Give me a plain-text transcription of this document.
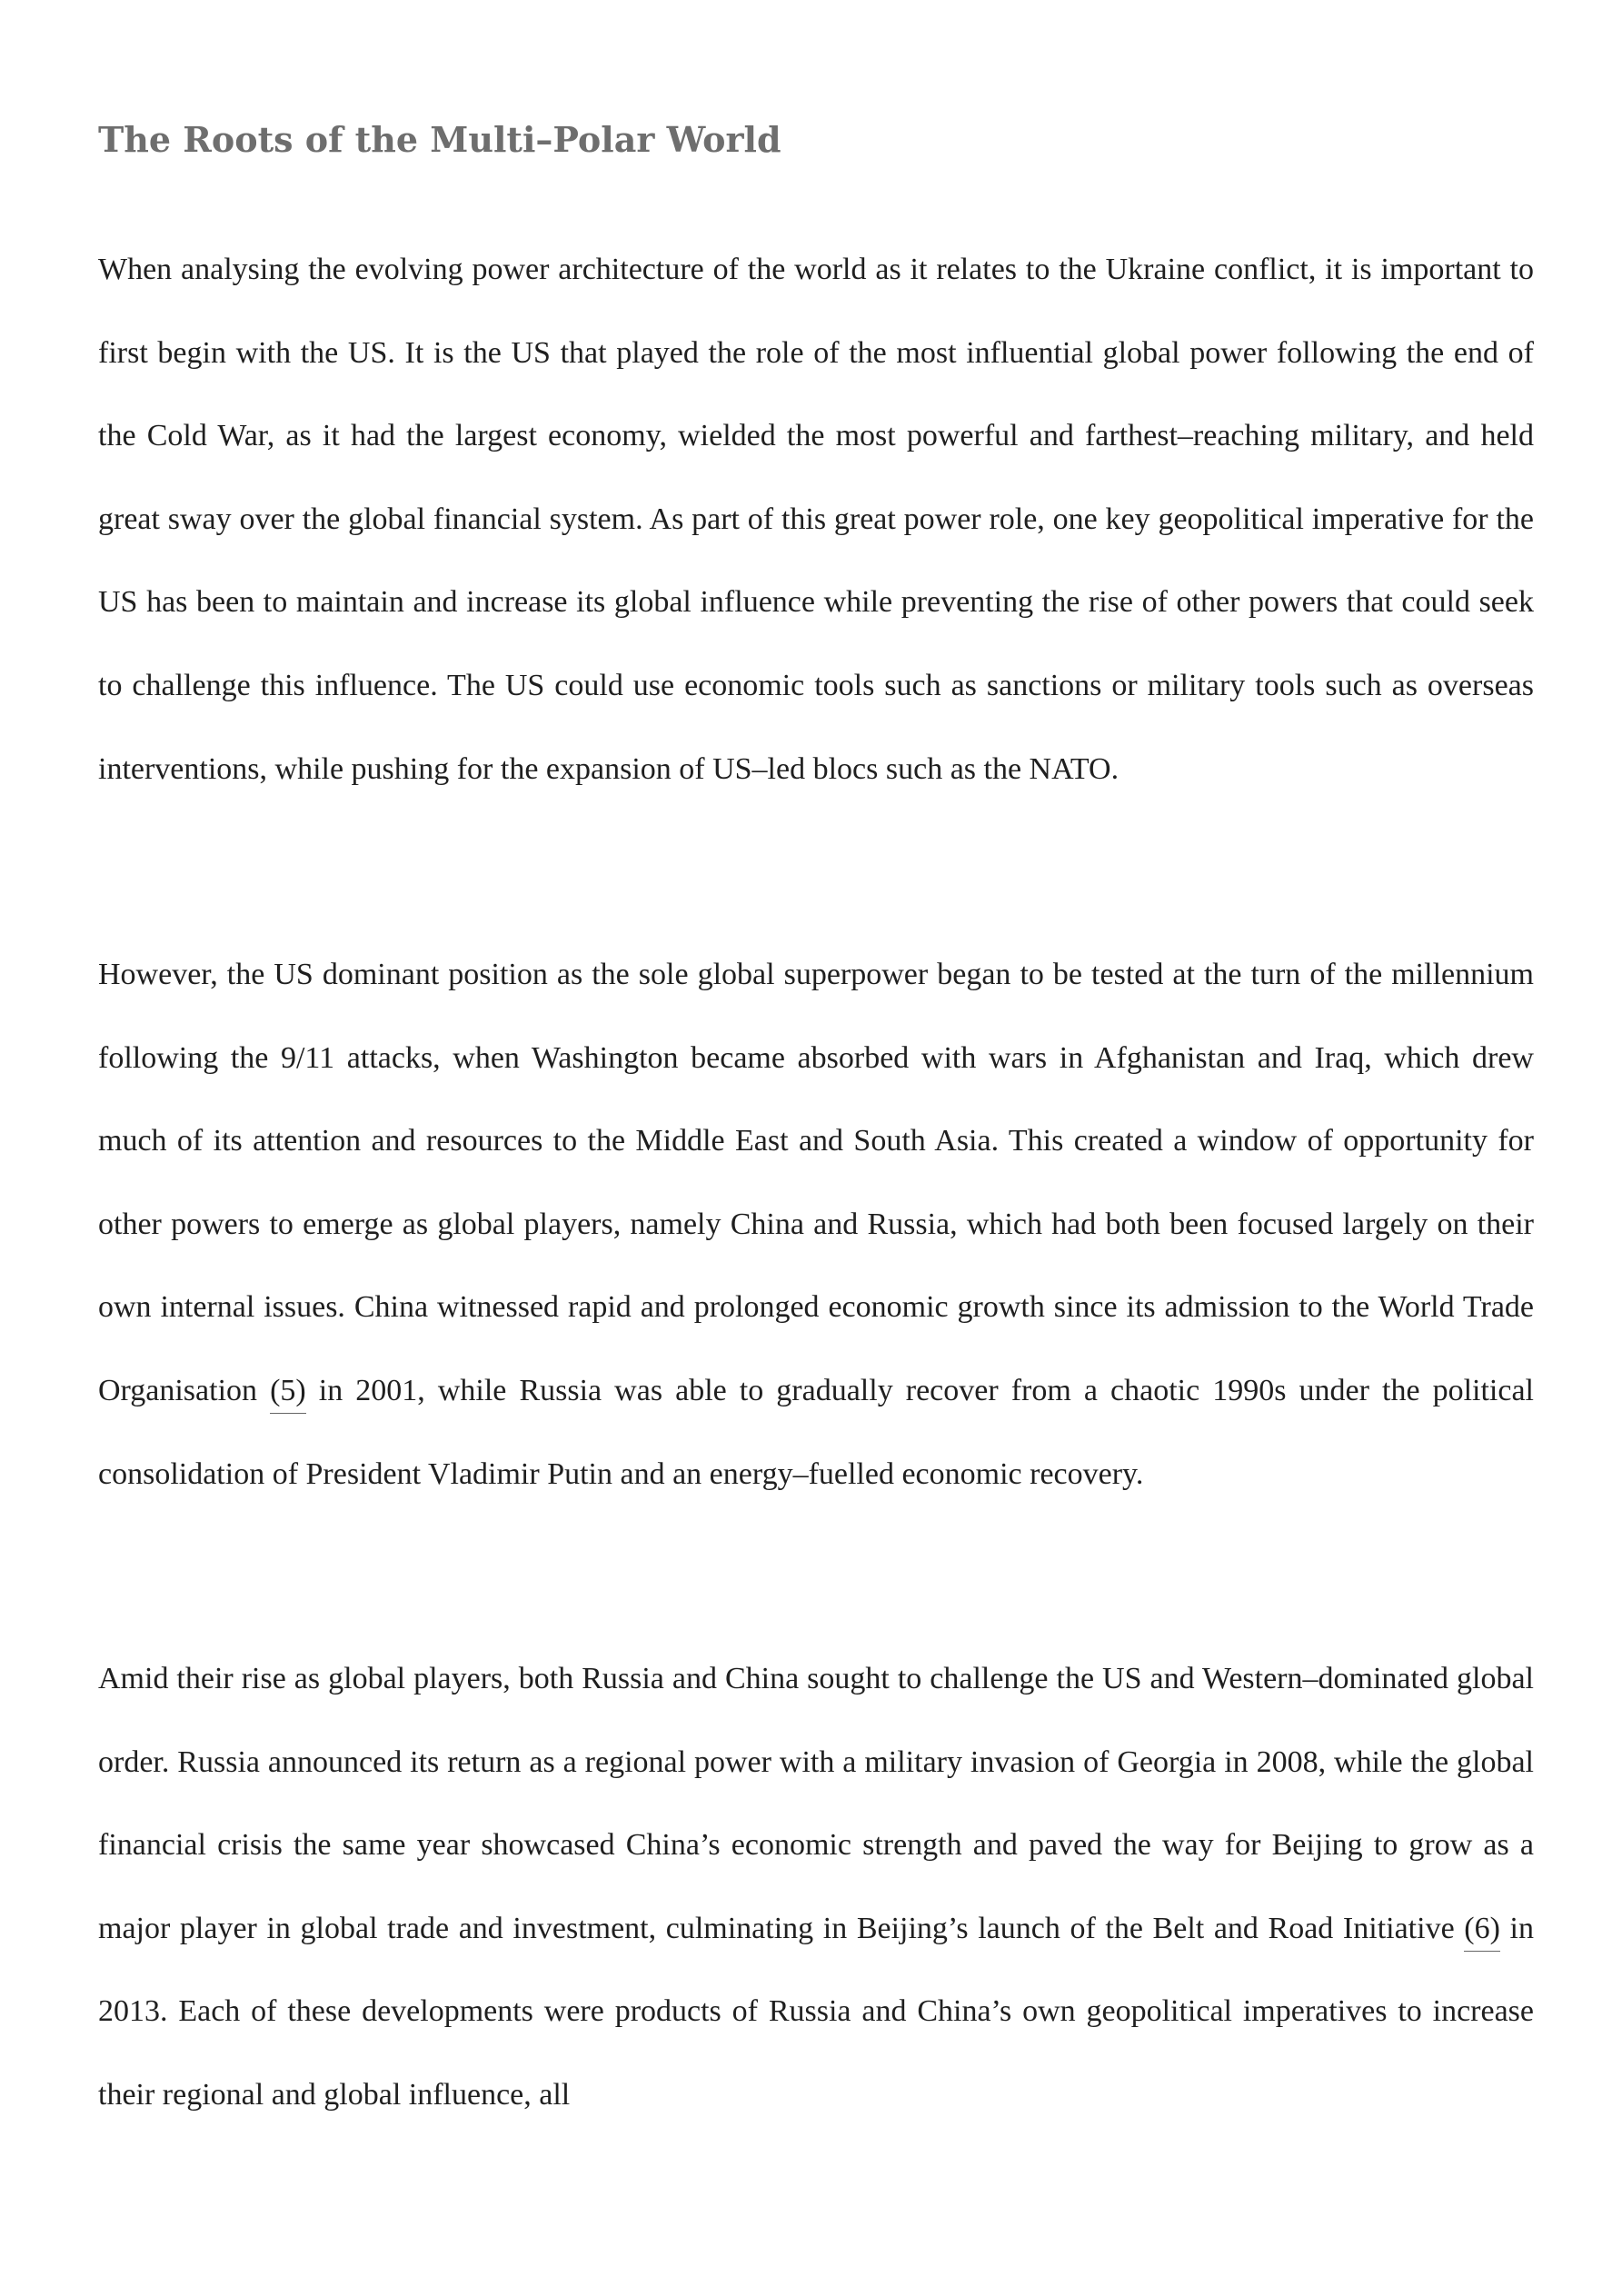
The Roots of the Multi–Polar World

When analysing the evolving power architecture of the world as it relates to the Ukraine conflict, it is important to first begin with the US. It is the US that played the role of the most influential global power following the end of the Cold War, as it had the largest economy, wielded the most powerful and farthest–reaching military, and held great sway over the global financial system. As part of this great power role, one key geopolitical imperative for the US has been to maintain and increase its global influence while preventing the rise of other powers that could seek to challenge this influence. The US could use economic tools such as sanctions or military tools such as overseas interventions, while pushing for the expansion of US–led blocs such as the NATO.

However, the US dominant position as the sole global superpower began to be tested at the turn of the millennium following the 9/11 attacks, when Washington became absorbed with wars in Afghanistan and Iraq, which drew much of its attention and resources to the Middle East and South Asia. This created a window of opportunity for other powers to emerge as global players, namely China and Russia, which had both been focused largely on their own internal issues. China witnessed rapid and prolonged economic growth since its admission to the World Trade Organisation (5) in 2001, while Russia was able to gradually recover from a chaotic 1990s under the political consolidation of President Vladimir Putin and an energy–fuelled economic recovery.

Amid their rise as global players, both Russia and China sought to challenge the US and Western–dominated global order. Russia announced its return as a regional power with a military invasion of Georgia in 2008, while the global financial crisis the same year showcased China’s economic strength and paved the way for Beijing to grow as a major player in global trade and investment, culminating in Beijing’s launch of the Belt and Road Initiative (6) in 2013. Each of these developments were products of Russia and China’s own geopolitical imperatives to increase their regional and global influence, all
